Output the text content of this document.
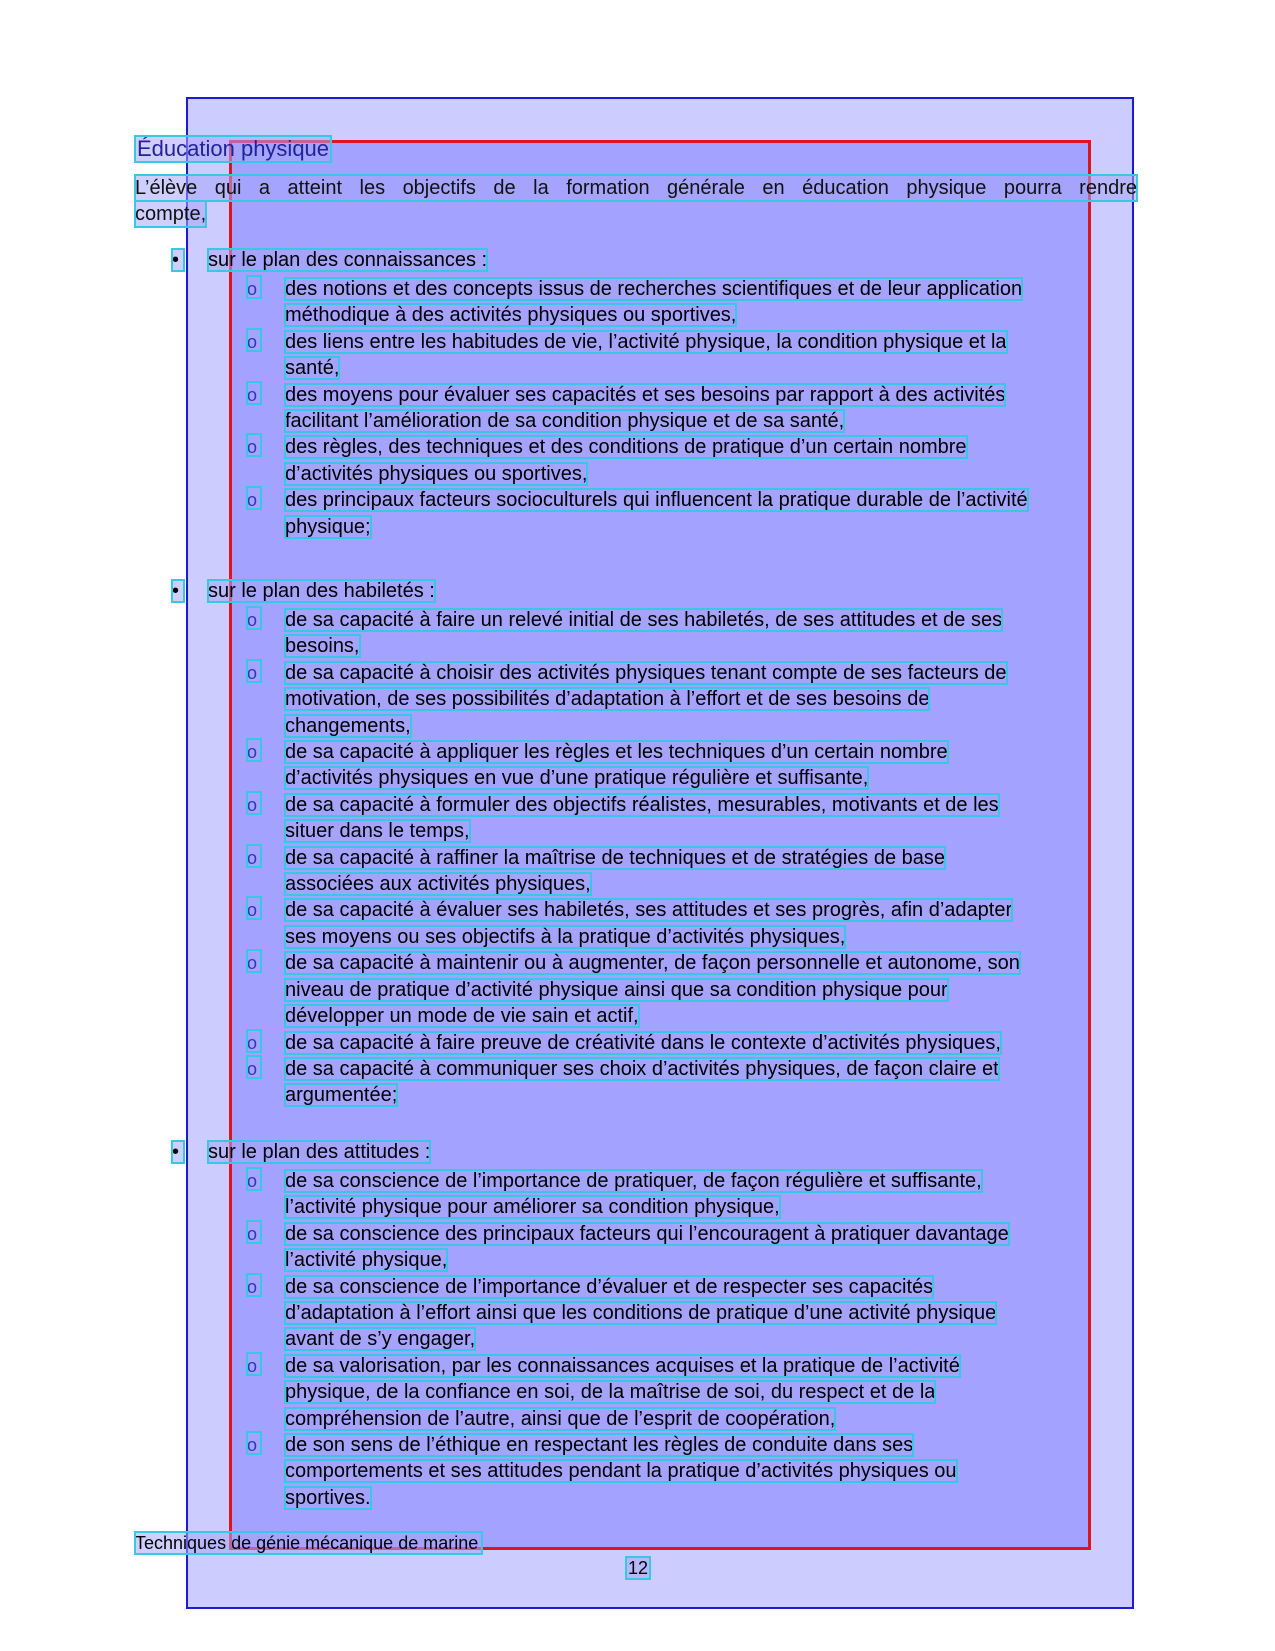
Éducation physique
L’élève qui a atteint les objectifs de la formation générale en éducation physique pourra rendre
compte,
• sur le plan des connaissances :
o des notions et des concepts issus de recherches scientifiques et de leur application
méthodique à des activités physiques ou sportives,
o des liens entre les habitudes de vie, l’activité physique, la condition physique et la
santé,
o des moyens pour évaluer ses capacités et ses besoins par rapport à des activités
facilitant l’amélioration de sa condition physique et de sa santé,
o des règles, des techniques et des conditions de pratique d’un certain nombre
d’activités physiques ou sportives,
o des principaux facteurs socioculturels qui influencent la pratique durable de l’activité
physique;
• sur le plan des habiletés :
o de sa capacité à faire un relevé initial de ses habiletés, de ses attitudes et de ses
besoins,
o de sa capacité à choisir des activités physiques tenant compte de ses facteurs de
motivation, de ses possibilités d’adaptation à l’effort et de ses besoins de
changements,
o de sa capacité à appliquer les règles et les techniques d’un certain nombre
d’activités physiques en vue d’une pratique régulière et suffisante,
o de sa capacité à formuler des objectifs réalistes, mesurables, motivants et de les
situer dans le temps,
o de sa capacité à raffiner la maîtrise de techniques et de stratégies de base
associées aux activités physiques,
o de sa capacité à évaluer ses habiletés, ses attitudes et ses progrès, afin d’adapter
ses moyens ou ses objectifs à la pratique d’activités physiques,
o de sa capacité à maintenir ou à augmenter, de façon personnelle et autonome, son
niveau de pratique d’activité physique ainsi que sa condition physique pour
développer un mode de vie sain et actif,
o de sa capacité à faire preuve de créativité dans le contexte d’activités physiques,
o de sa capacité à communiquer ses choix d’activités physiques, de façon claire et
argumentée;
• sur le plan des attitudes :
o de sa conscience de l’importance de pratiquer, de façon régulière et suffisante,
l’activité physique pour améliorer sa condition physique,
o de sa conscience des principaux facteurs qui l’encouragent à pratiquer davantage
l’activité physique,
o de sa conscience de l’importance d’évaluer et de respecter ses capacités
d’adaptation à l’effort ainsi que les conditions de pratique d’une activité physique
avant de s’y engager,
o de sa valorisation, par les connaissances acquises et la pratique de l’activité
physique, de la confiance en soi, de la maîtrise de soi, du respect et de la
compréhension de l’autre, ainsi que de l’esprit de coopération,
o de son sens de l’éthique en respectant les règles de conduite dans ses
comportements et ses attitudes pendant la pratique d’activités physiques ou
sportives.
Techniques de génie mécanique de marine
12
